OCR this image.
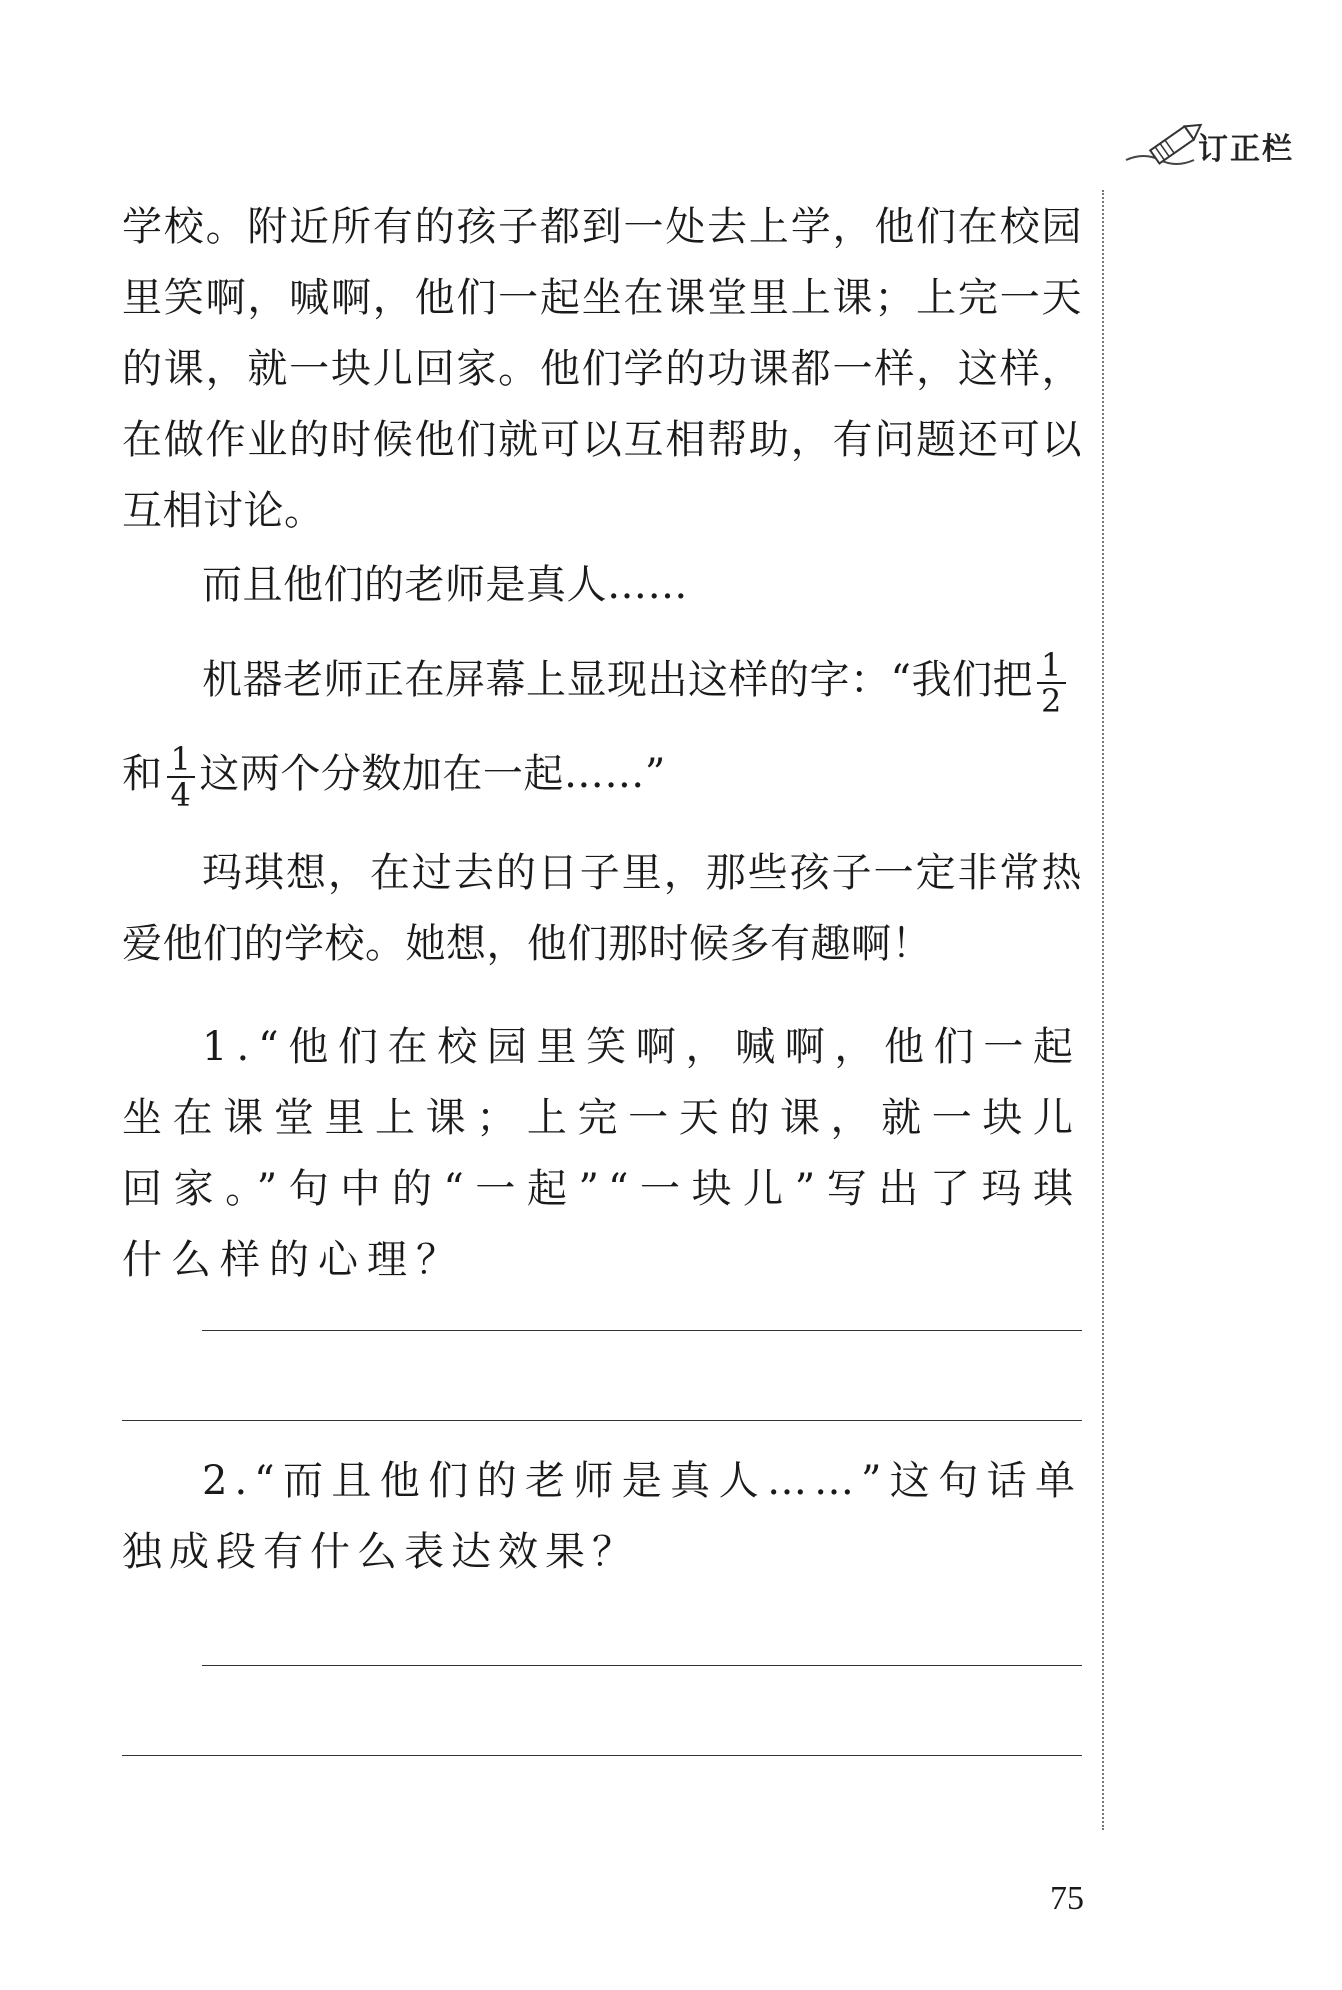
订正栏

学校。附近所有的孩子都到一处去上学，他们在校园里笑啊，喊啊，他们一起坐在课堂里上课；上完一天的课，就一块儿回家。他们学的功课都一样，这样，在做作业的时候他们就可以互相帮助，有问题还可以互相讨论。

而且他们的老师是真人……

机器老师正在屏幕上显现出这样的字：“我们把 $\frac{1}{2}$
和 $\frac{1}{4}$ 这两个分数加在一起……”

玛琪想，在过去的日子里，那些孩子一定非常热爱他们的学校。她想，他们那时候多有趣啊！

1.“他们在校园里笑啊，喊啊，他们一起坐在课堂里上课；上完一天的课，就一块儿回家。”句中的“一起”“一块儿”写出了玛琪什么样的心理？

2.“而且他们的老师是真人……”这句话单独成段有什么表达效果？

75
